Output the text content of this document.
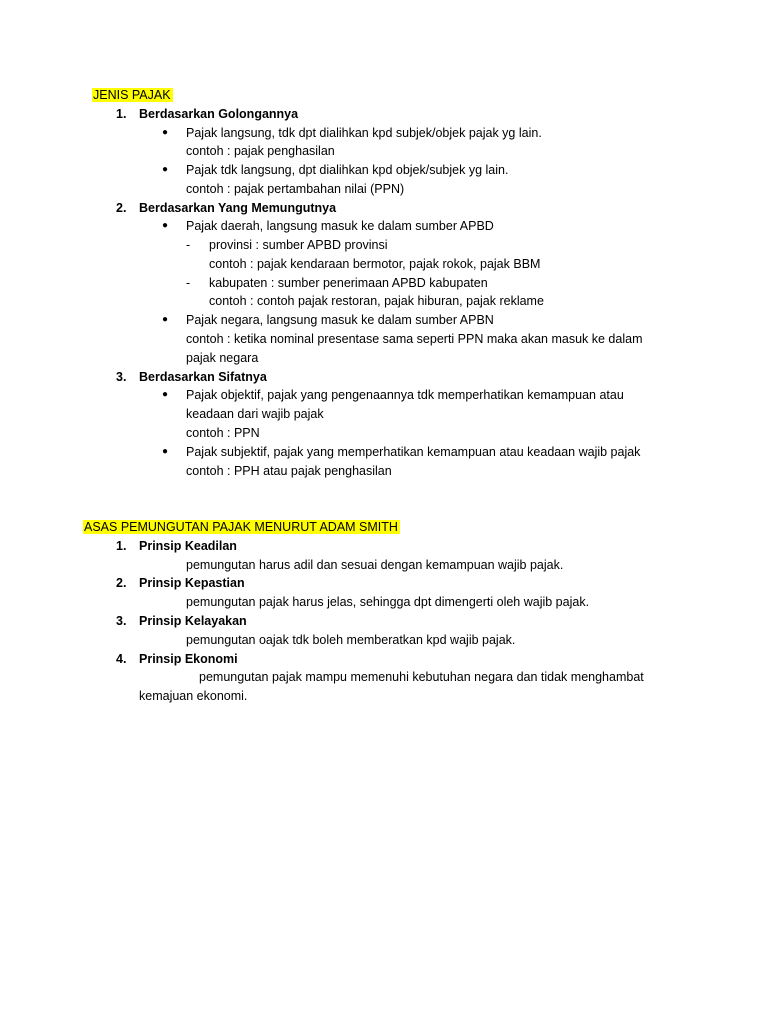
JENIS PAJAK
1. Berdasarkan Golongannya
● Pajak langsung, tdk dpt dialihkan kpd subjek/objek pajak yg lain.
contoh : pajak penghasilan
● Pajak tdk langsung, dpt dialihkan kpd objek/subjek yg lain.
contoh : pajak pertambahan nilai (PPN)
2. Berdasarkan Yang Memungutnya
● Pajak daerah, langsung masuk ke dalam sumber APBD
- provinsi : sumber APBD provinsi
contoh : pajak kendaraan bermotor, pajak rokok, pajak BBM
- kabupaten : sumber penerimaan APBD kabupaten
contoh : contoh pajak restoran, pajak hiburan, pajak reklame
● Pajak negara, langsung masuk ke dalam sumber APBN
contoh : ketika nominal presentase sama seperti PPN maka akan masuk ke dalam
pajak negara
3. Berdasarkan Sifatnya
● Pajak objektif, pajak yang pengenaannya tdk memperhatikan kemampuan atau
keadaan dari wajib pajak
contoh : PPN
● Pajak subjektif, pajak yang memperhatikan kemampuan atau keadaan wajib pajak
contoh : PPH atau pajak penghasilan
ASAS PEMUNGUTAN PAJAK MENURUT ADAM SMITH
1. Prinsip Keadilan
pemungutan harus adil dan sesuai dengan kemampuan wajib pajak.
2. Prinsip Kepastian
pemungutan pajak harus jelas, sehingga dpt dimengerti oleh wajib pajak.
3. Prinsip Kelayakan
pemungutan oajak tdk boleh memberatkan kpd wajib pajak.
4. Prinsip Ekonomi
pemungutan pajak mampu memenuhi kebutuhan negara dan tidak menghambat
kemajuan ekonomi.
